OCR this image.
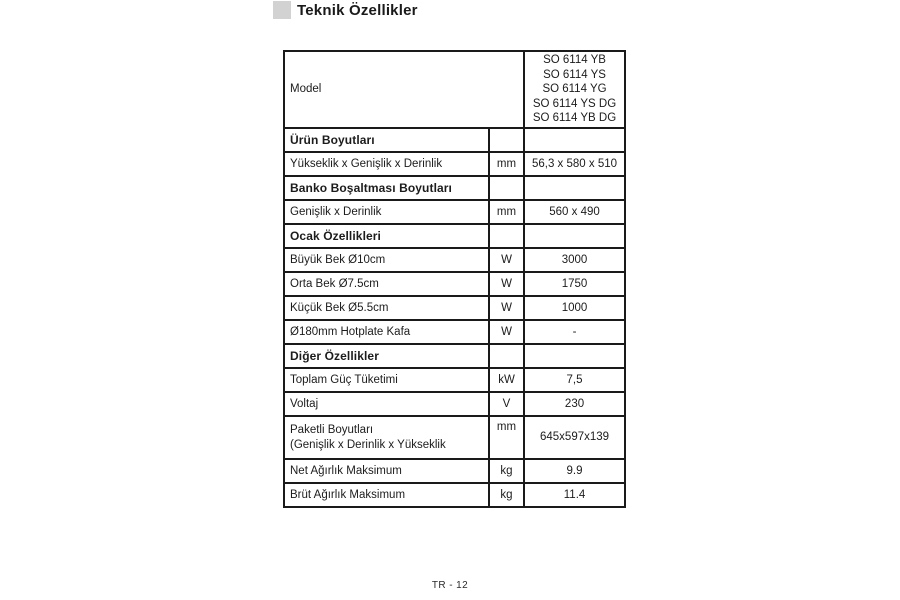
Teknik Özellikler
Model		SO 6114 YB
SO 6114 YS
SO 6114 YG
SO 6114 YS DG
SO 6114 YB DG

Ürün Boyutları		

Yükseklik x Genişlik x Derinlik	mm	56,3 x 580 x 510
Banko Boşaltması Boyutları		

Genişlik x Derinlik	mm	560 x 490
Ocak Özellikleri		

Büyük Bek Ø10cm	W	3000

Orta Bek Ø7.5cm	W	1750

Küçük Bek Ø5.5cm	W	1000

Ø180mm Hotplate Kafa	W	-
Diğer Özellikler		

Toplam Güç Tüketimi	kW	7,5

Voltaj	V	230

Paketli Boyutları
(Genişlik x Derinlik x Yükseklik	mm	645x597x139

Net Ağırlık Maksimum	kg	9.9

Brüt Ağırlık Maksimum	kg	11.4
TR - 12
